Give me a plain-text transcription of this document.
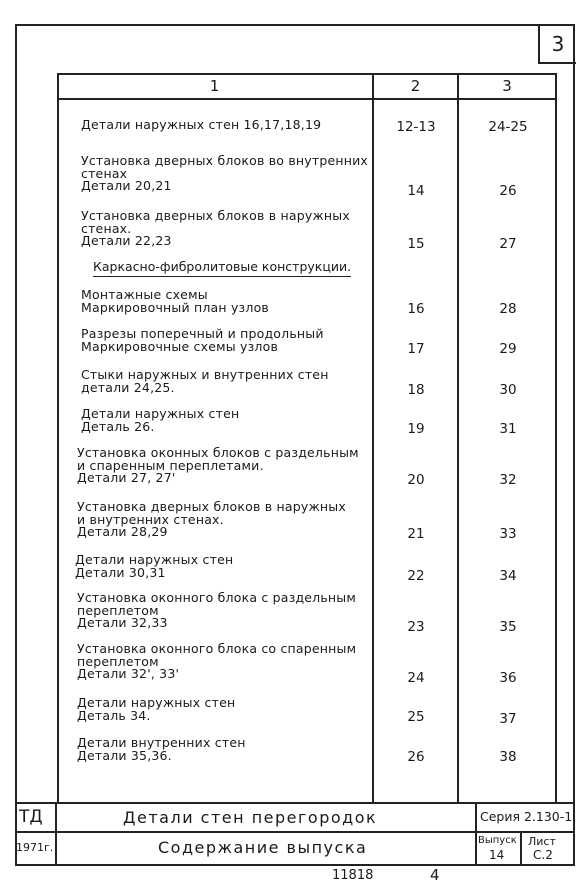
3
1	2	3
Детали наружных стен 16,17,18,19	12-13	24-25
Установка дверных блоков во внутренних
стенах
Детали 20,21	14	26
Установка дверных блоков в наружных
стенах.
Детали 22,23	15	27
Каркасно-фибролитовые конструкции.
Монтажные схемы
Маркировочный план узлов	16	28
Разрезы поперечный и продольный
Маркировочные схемы узлов	17	29
Стыки наружных и внутренних стен
детали 24,25.	18	30
Детали наружных стен
Деталь 26.	19	31
Установка оконных блоков с раздельным
и спаренным переплетами.
Детали 27, 27'	20	32
Установка дверных блоков в наружных
и внутренних стенах.
Детали 28,29	21	33
Детали наружных стен
Детали 30,31	22	34
Установка оконного блока с раздельным
переплетом
Детали 32,33	23	35
Установка оконного блока со спаренным
переплетом
Детали 32', 33'	24	36
Детали наружных стен
Деталь 34.	25	37
Детали внутренних стен
Детали 35,36.	26	38
ТД
1971г.
Детали стен перегородок
Содержание выпуска
Серия 2.130-1
Выпуск
14
Лист
С.2
11818	4
